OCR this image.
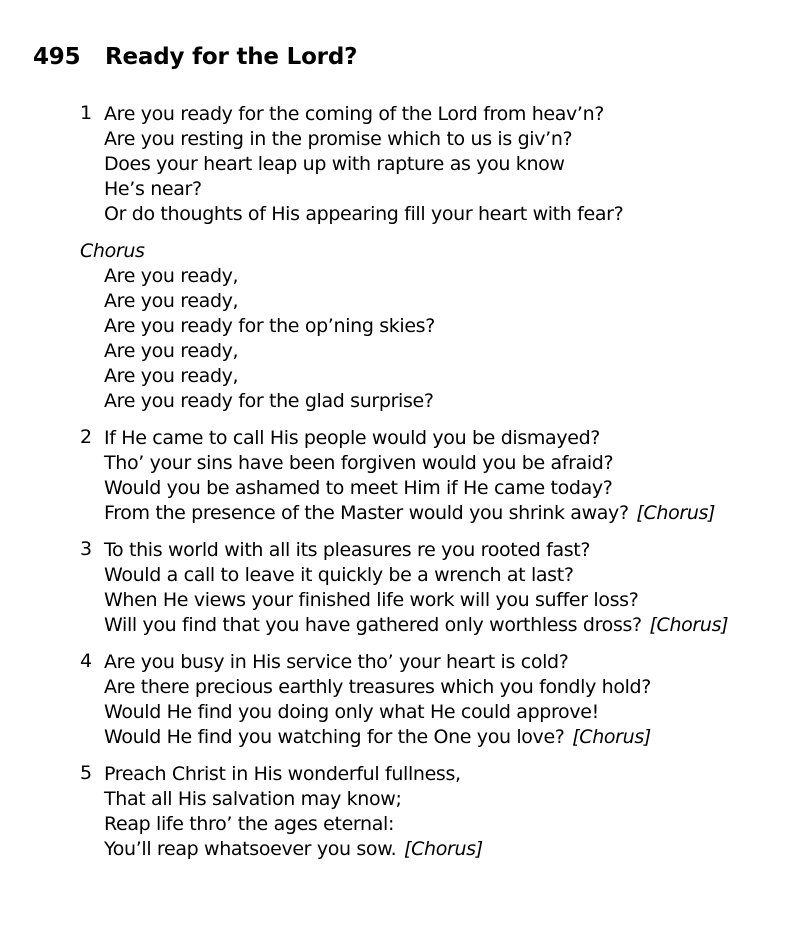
495 Ready for the Lord?
1 Are you ready for the coming of the Lord from heav’n?
Are you resting in the promise which to us is giv’n?
Does your heart leap up with rapture as you know
He’s near?
Or do thoughts of His appearing fill your heart with fear?
Chorus
Are you ready,
Are you ready,
Are you ready for the op’ning skies?
Are you ready,
Are you ready,
Are you ready for the glad surprise?
2 If He came to call His people would you be dismayed?
Tho’ your sins have been forgiven would you be afraid?
Would you be ashamed to meet Him if He came today?
From the presence of the Master would you shrink away? [Chorus]
3 To this world with all its pleasures re you rooted fast?
Would a call to leave it quickly be a wrench at last?
When He views your finished life work will you suffer loss?
Will you find that you have gathered only worthless dross? [Chorus]
4 Are you busy in His service tho’ your heart is cold?
Are there precious earthly treasures which you fondly hold?
Would He find you doing only what He could approve!
Would He find you watching for the One you love? [Chorus]
5 Preach Christ in His wonderful fullness,
That all His salvation may know;
Reap life thro’ the ages eternal:
You’ll reap whatsoever you sow. [Chorus]
